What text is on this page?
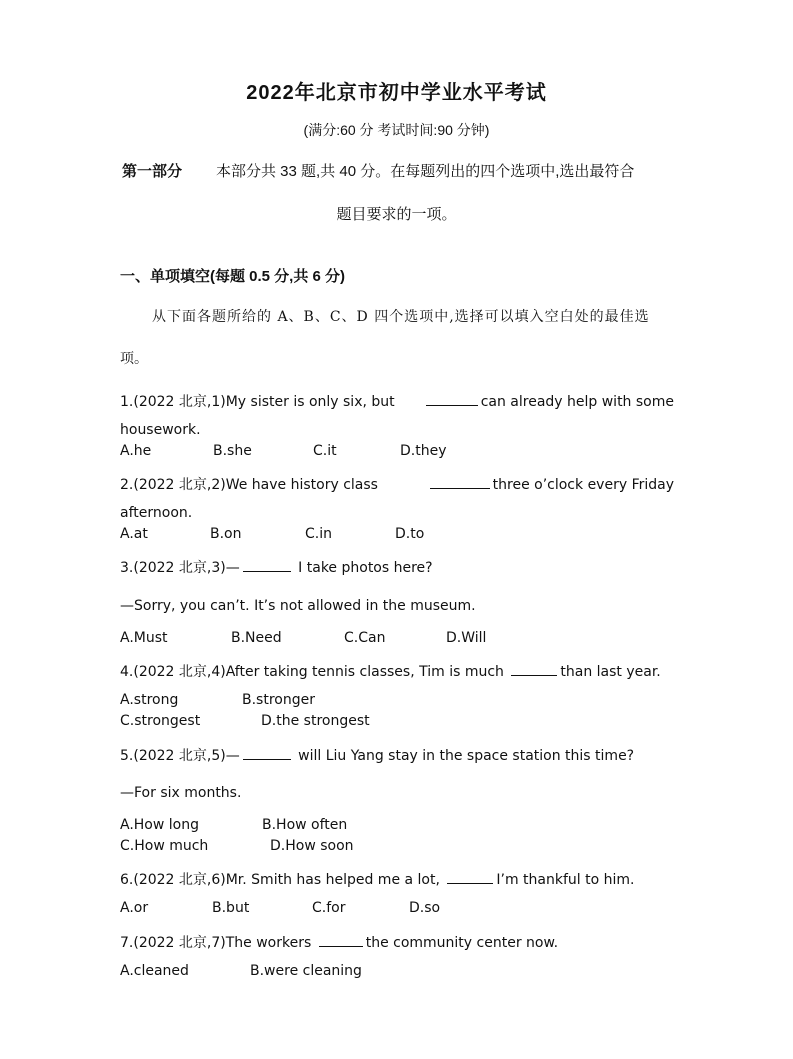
2022年北京市初中学业水平考试
(满分:60 分 考试时间:90 分钟)
第一部分 本部分共 33 题,共 40 分。在每题列出的四个选项中,选出最符合
题目要求的一项。
一、单项填空(每题 0.5 分,共 6 分)
从下面各题所给的 A、B、C、D 四个选项中,选择可以填入空白处的最佳选
项。
1.(2022 北京,1)My sister is only six, but	can already help with some
housework.
A.he	B.she	C.it	D.they
2.(2022 北京,2)We have history class	three o’clock every Friday
afternoon.
A.at	B.on	C.in	D.to
3.(2022 北京,3)—	I take photos here?
—Sorry, you can’t. It’s not allowed in the museum.
A.Must	B.Need	C.Can	D.Will
4.(2022 北京,4)After taking tennis classes, Tim is much	than last year.
A.strong	B.stronger
C.strongest	D.the strongest
5.(2022 北京,5)—	will Liu Yang stay in the space station this time?
—For six months.
A.How long	B.How often
C.How much	D.How soon
6.(2022 北京,6)Mr. Smith has helped me a lot,	I’m thankful to him.
A.or	B.but	C.for	D.so
7.(2022 北京,7)The workers	the community center now.
A.cleaned	B.were cleaning
